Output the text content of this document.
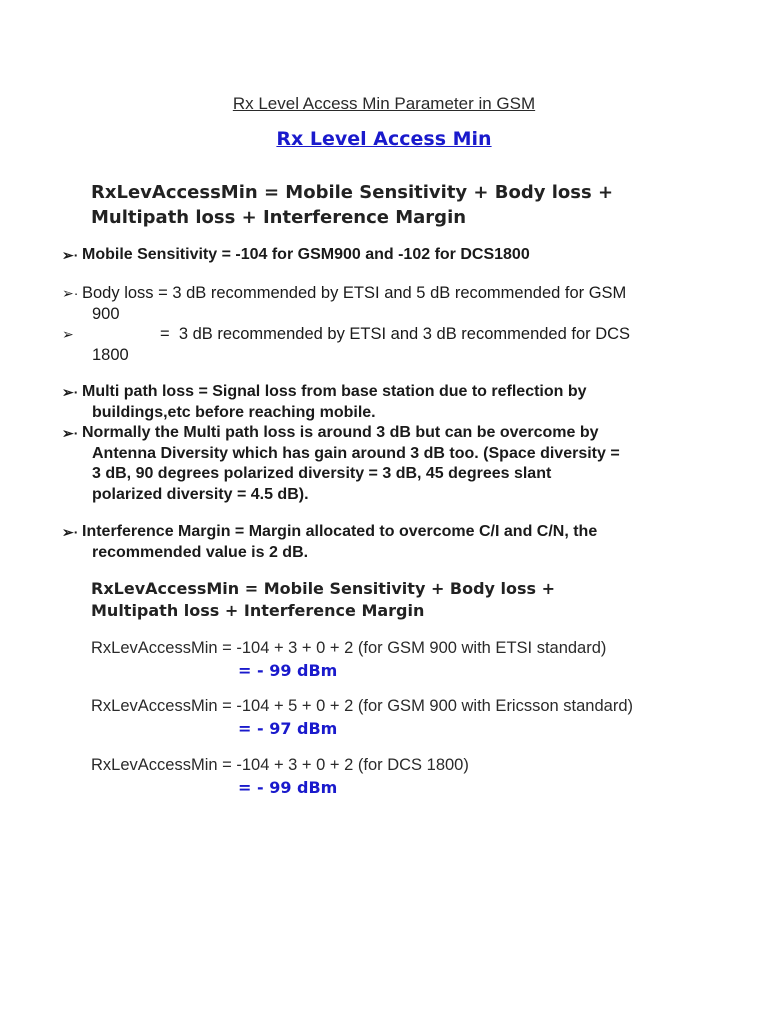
Rx Level Access Min Parameter in GSM
Rx Level Access Min
RxLevAccessMin = Mobile Sensitivity + Body loss +
Multipath loss + Interference Margin
➢· Mobile Sensitivity = -104 for GSM900 and -102 for DCS1800
➢· Body loss = 3 dB recommended by ETSI and 5 dB recommended for GSM
900
➢	= 3 dB recommended by ETSI and 3 dB recommended for DCS
1800
➢· Multi path loss = Signal loss from base station due to reflection by
buildings,etc before reaching mobile.
➢· Normally the Multi path loss is around 3 dB but can be overcome by
Antenna Diversity which has gain around 3 dB too. (Space diversity =
3 dB, 90 degrees polarized diversity = 3 dB, 45 degrees slant
polarized diversity = 4.5 dB).
➢· Interference Margin = Margin allocated to overcome C/I and C/N, the
recommended value is 2 dB.
RxLevAccessMin = Mobile Sensitivity + Body loss +
Multipath loss + Interference Margin
RxLevAccessMin = -104 + 3 + 0 + 2 (for GSM 900 with ETSI standard)
= - 99 dBm
RxLevAccessMin = -104 + 5 + 0 + 2 (for GSM 900 with Ericsson standard)
= - 97 dBm
RxLevAccessMin = -104 + 3 + 0 + 2 (for DCS 1800)
= - 99 dBm
